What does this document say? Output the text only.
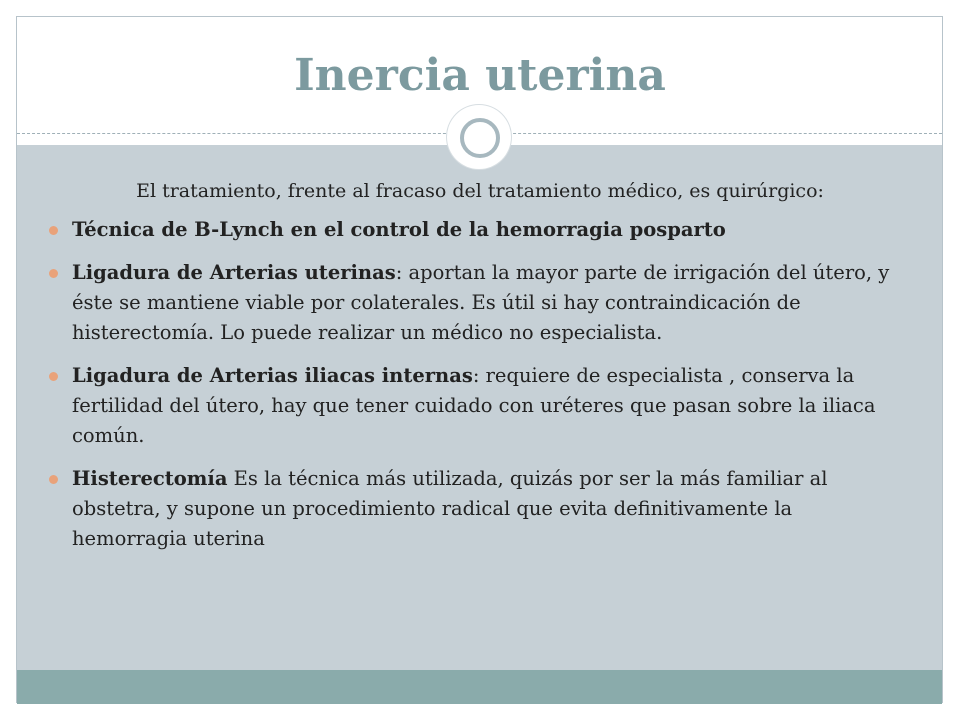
Inercia uterina
El tratamiento, frente al fracaso del tratamiento médico, es quirúrgico:
Técnica de B-Lynch en el control de la hemorragia posparto
Ligadura de Arterias uterinas: aportan la mayor parte de irrigación del útero, y éste se mantiene viable por colaterales. Es útil si hay contraindicación de histerectomía. Lo puede realizar un médico no especialista.
Ligadura de Arterias iliacas internas: requiere de especialista , conserva la fertilidad del útero, hay que tener cuidado con uréteres que pasan sobre la iliaca común.
Histerectomía Es la técnica más utilizada, quizás por ser la más familiar al obstetra, y supone un procedimiento radical que evita definitivamente la hemorragia uterina
